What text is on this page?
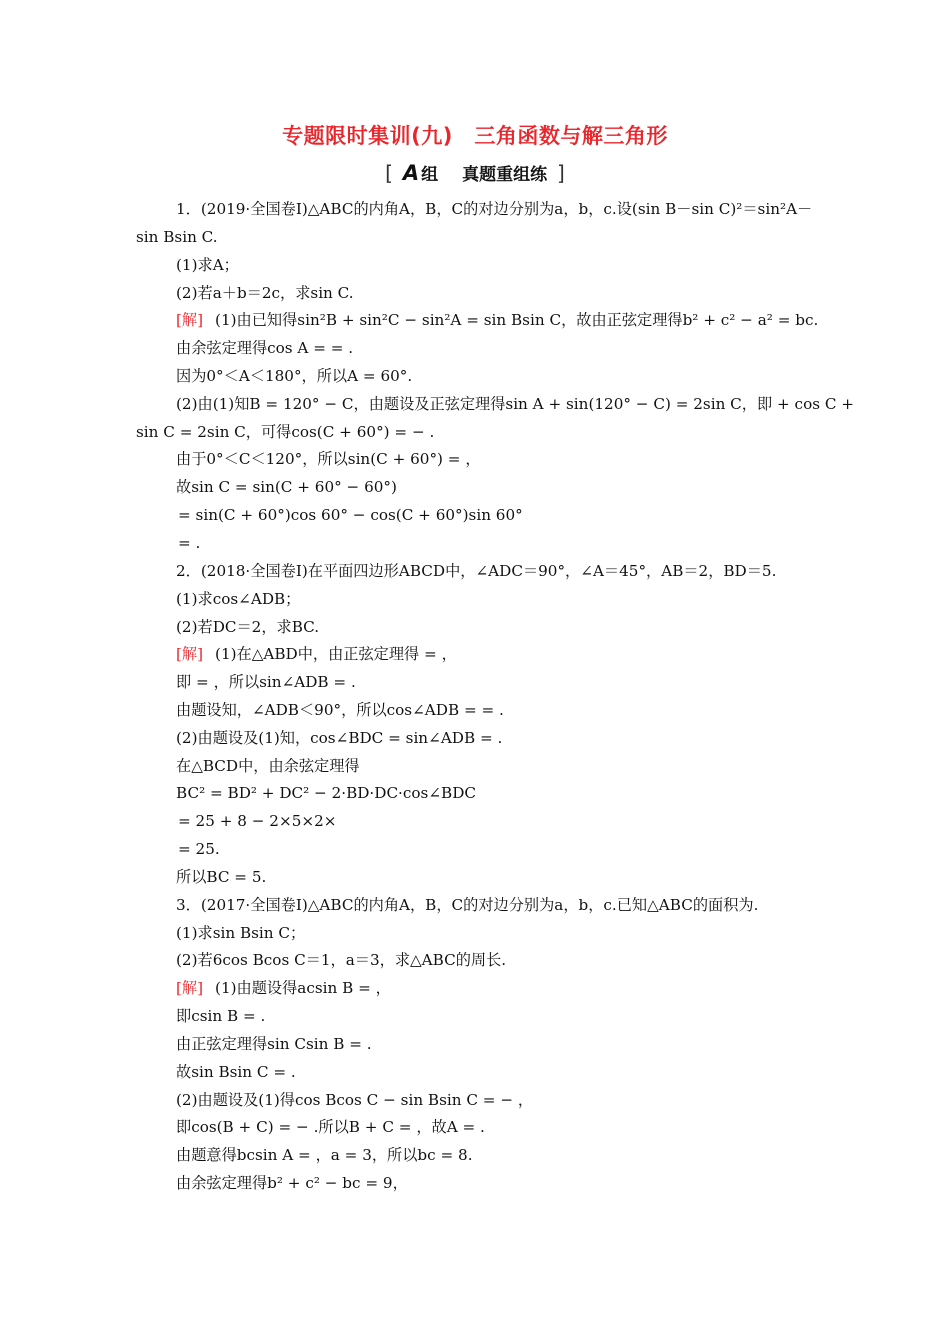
专题限时集训(九)　三角函数与解三角形
[ A 组 真题重组练 ]
1．(2019·全国卷Ⅰ)△ABC的内角A，B，C的对边分别为a，b，c.设(sin B－sin C)²＝sin²A－
sin Bsin C.
(1)求A；
(2)若a＋b＝2c，求sin C.
[解] (1)由已知得sin²B + sin²C − sin²A = sin Bsin C，故由正弦定理得b² + c² − a² = bc.
由余弦定理得cos A = = .
因为0°＜A＜180°，所以A = 60°.
(2)由(1)知B = 120° − C，由题设及正弦定理得sin A + sin(120° − C) = 2sin C，即 + cos C +
sin C = 2sin C，可得cos(C + 60°) = − .
由于0°＜C＜120°，所以sin(C + 60°) = ，
故sin C = sin(C + 60° − 60°)
= sin(C + 60°)cos 60° − cos(C + 60°)sin 60°
= .
2．(2018·全国卷Ⅰ)在平面四边形ABCD中，∠ADC＝90°，∠A＝45°，AB＝2，BD＝5.
(1)求cos∠ADB；
(2)若DC＝2，求BC.
[解] (1)在△ABD中，由正弦定理得 = ，
即 = ，所以sin∠ADB = .
由题设知，∠ADB＜90°，所以cos∠ADB = = .
(2)由题设及(1)知，cos∠BDC = sin∠ADB = .
在△BCD中，由余弦定理得
BC² = BD² + DC² − 2·BD·DC·cos∠BDC
= 25 + 8 − 2×5×2×
= 25.
所以BC = 5.
3．(2017·全国卷Ⅰ)△ABC的内角A，B，C的对边分别为a，b，c.已知△ABC的面积为.
(1)求sin Bsin C；
(2)若6cos Bcos C＝1，a＝3，求△ABC的周长.
[解] (1)由题设得acsin B = ，
即csin B = .
由正弦定理得sin Csin B = .
故sin Bsin C = .
(2)由题设及(1)得cos Bcos C − sin Bsin C = − ，
即cos(B + C) = − .所以B + C = ，故A = .
由题意得bcsin A = ，a = 3，所以bc = 8.
由余弦定理得b² + c² − bc = 9，
